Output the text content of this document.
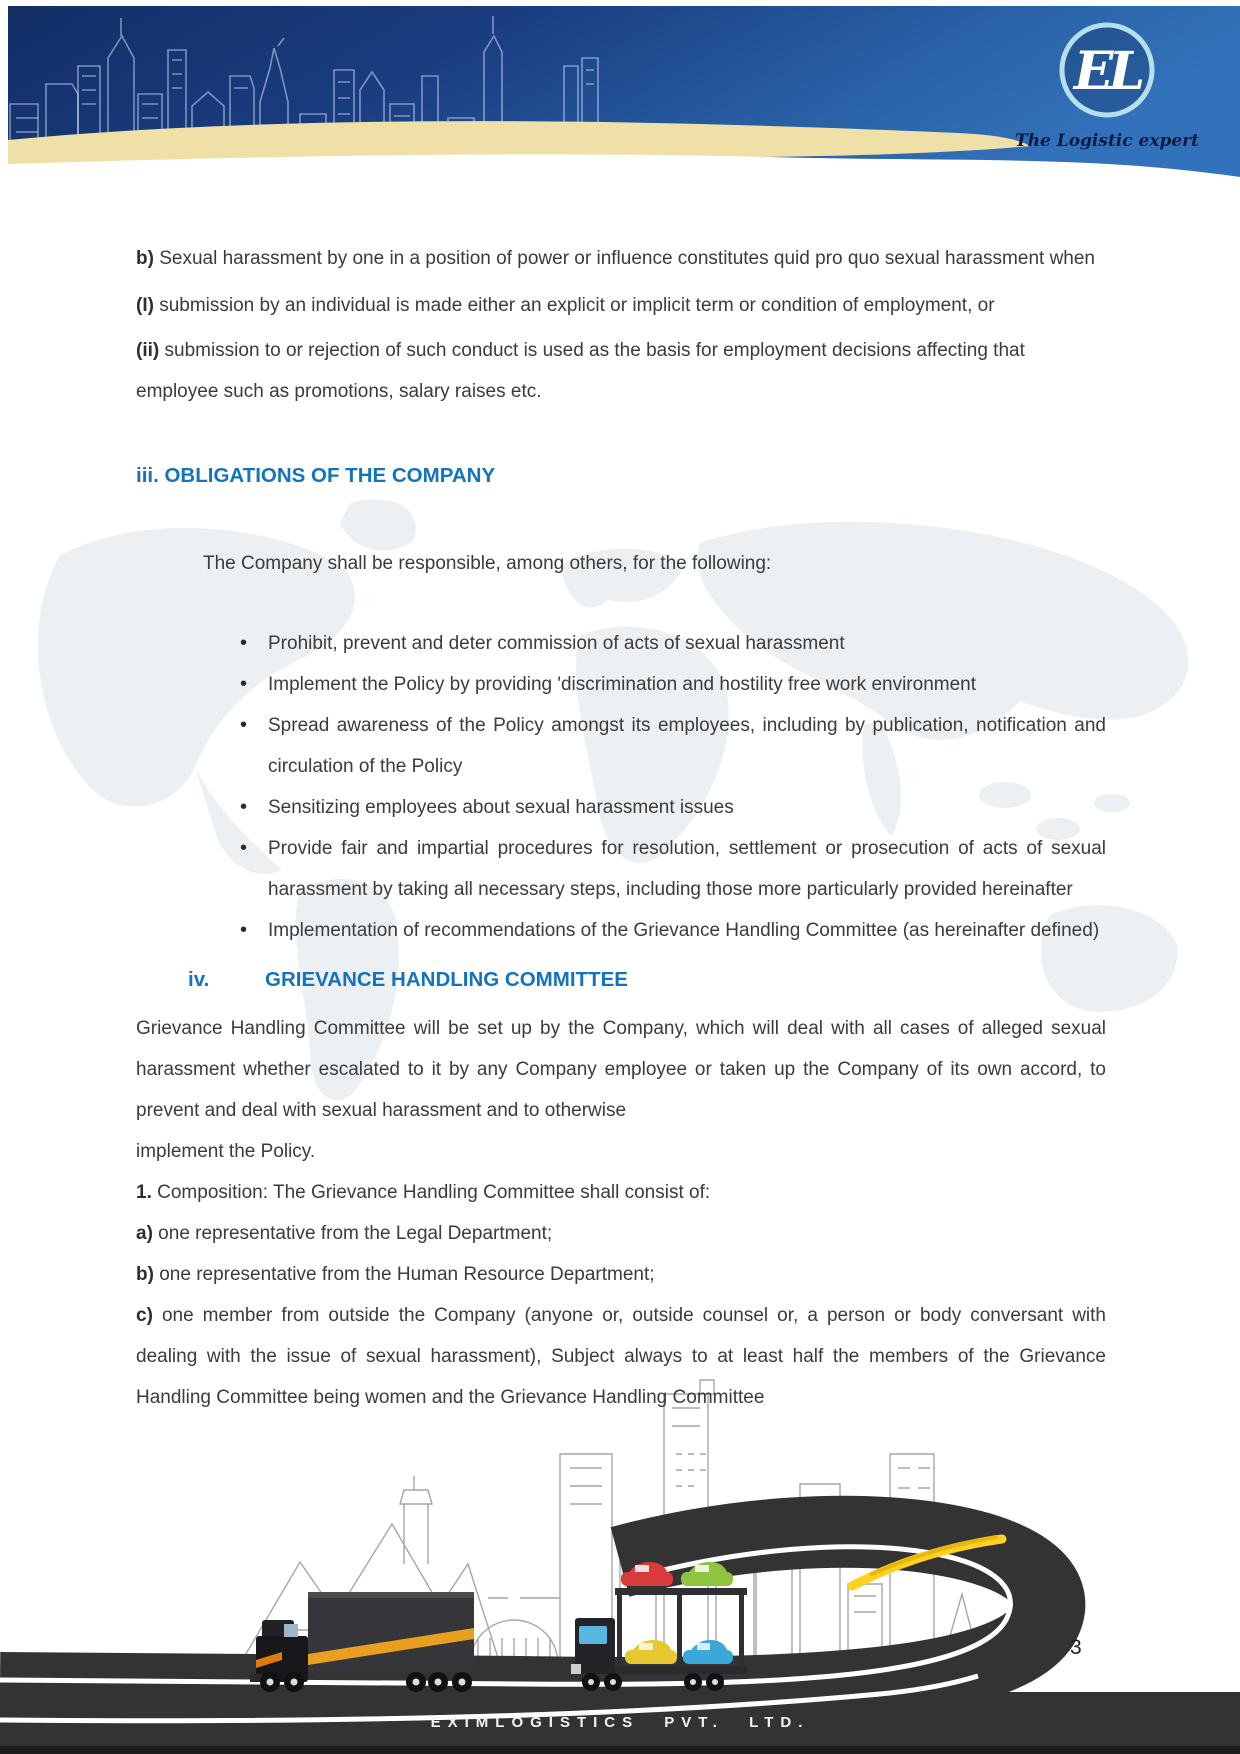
EL
The Logistic expert

b) Sexual harassment by one in a position of power or influence constitutes quid pro quo sexual harassment when

(I) submission by an individual is made either an explicit or implicit term or condition of employment, or

(ii) submission to or rejection of such conduct is used as the basis for employment decisions affecting that employee such as promotions, salary raises etc.

iii. OBLIGATIONS OF THE COMPANY

The Company shall be responsible, among others, for the following:

• Prohibit, prevent and deter commission of acts of sexual harassment
• Implement the Policy by providing 'discrimination and hostility free work environment
• Spread awareness of the Policy amongst its employees, including by publication, notification and circulation of the Policy
• Sensitizing employees about sexual harassment issues
• Provide fair and impartial procedures for resolution, settlement or prosecution of acts of sexual harassment by taking all necessary steps, including those more particularly provided hereinafter
• Implementation of recommendations of the Grievance Handling Committee (as hereinafter defined)

iv.	GRIEVANCE HANDLING COMMITTEE

Grievance Handling Committee will be set up by the Company, which will deal with all cases of alleged sexual harassment whether escalated to it by any Company employee or taken up the Company of its own accord, to prevent and deal with sexual harassment and to otherwise

implement the Policy.

1. Composition: The Grievance Handling Committee shall consist of:

a) one representative from the Legal Department;

b) one representative from the Human Resource Department;

c) one member from outside the Company (anyone or, outside counsel or, a person or body conversant with dealing with the issue of sexual harassment), Subject always to at least half the members of the Grievance Handling Committee being women and the Grievance Handling Committee

3
EXIMLOGISTICS PVT. LTD.
